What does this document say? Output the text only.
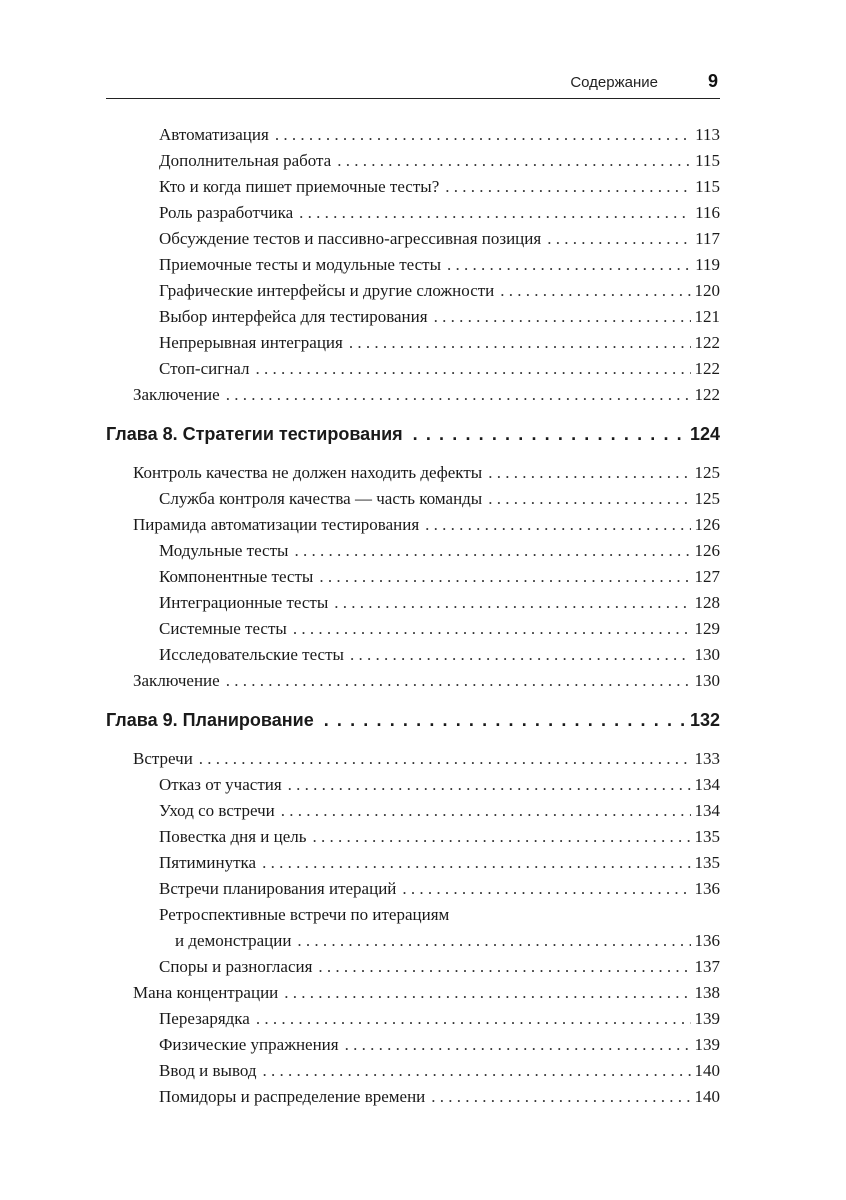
Содержание	9
Автоматизация . . .	113
Дополнительная работа . . .	115
Кто и когда пишет приемочные тесты? . . .	115
Роль разработчика . . .	116
Обсуждение тестов и пассивно-агрессивная позиция . . .	117
Приемочные тесты и модульные тесты . . .	119
Графические интерфейсы и другие сложности . . .	120
Выбор интерфейса для тестирования . . .	121
Непрерывная интеграция . . .	122
Стоп-сигнал . . .	122
Заключение . . .	122
Глава 8. Стратегии тестирования . . .	124
Контроль качества не должен находить дефекты . . .	125
Служба контроля качества — часть команды . . .	125
Пирамида автоматизации тестирования . . .	126
Модульные тесты . . .	126
Компонентные тесты . . .	127
Интеграционные тесты . . .	128
Системные тесты . . .	129
Исследовательские тесты . . .	130
Заключение . . .	130
Глава 9. Планирование . . .	132
Встречи . . .	133
Отказ от участия . . .	134
Уход со встречи . . .	134
Повестка дня и цель . . .	135
Пятиминутка . . .	135
Встречи планирования итераций . . .	136
Ретроспективные встречи по итерациям
и демонстрации . . .	136
Споры и разногласия . . .	137
Мана концентрации . . .	138
Перезарядка . . .	139
Физические упражнения . . .	139
Ввод и вывод . . .	140
Помидоры и распределение времени . . .	140
